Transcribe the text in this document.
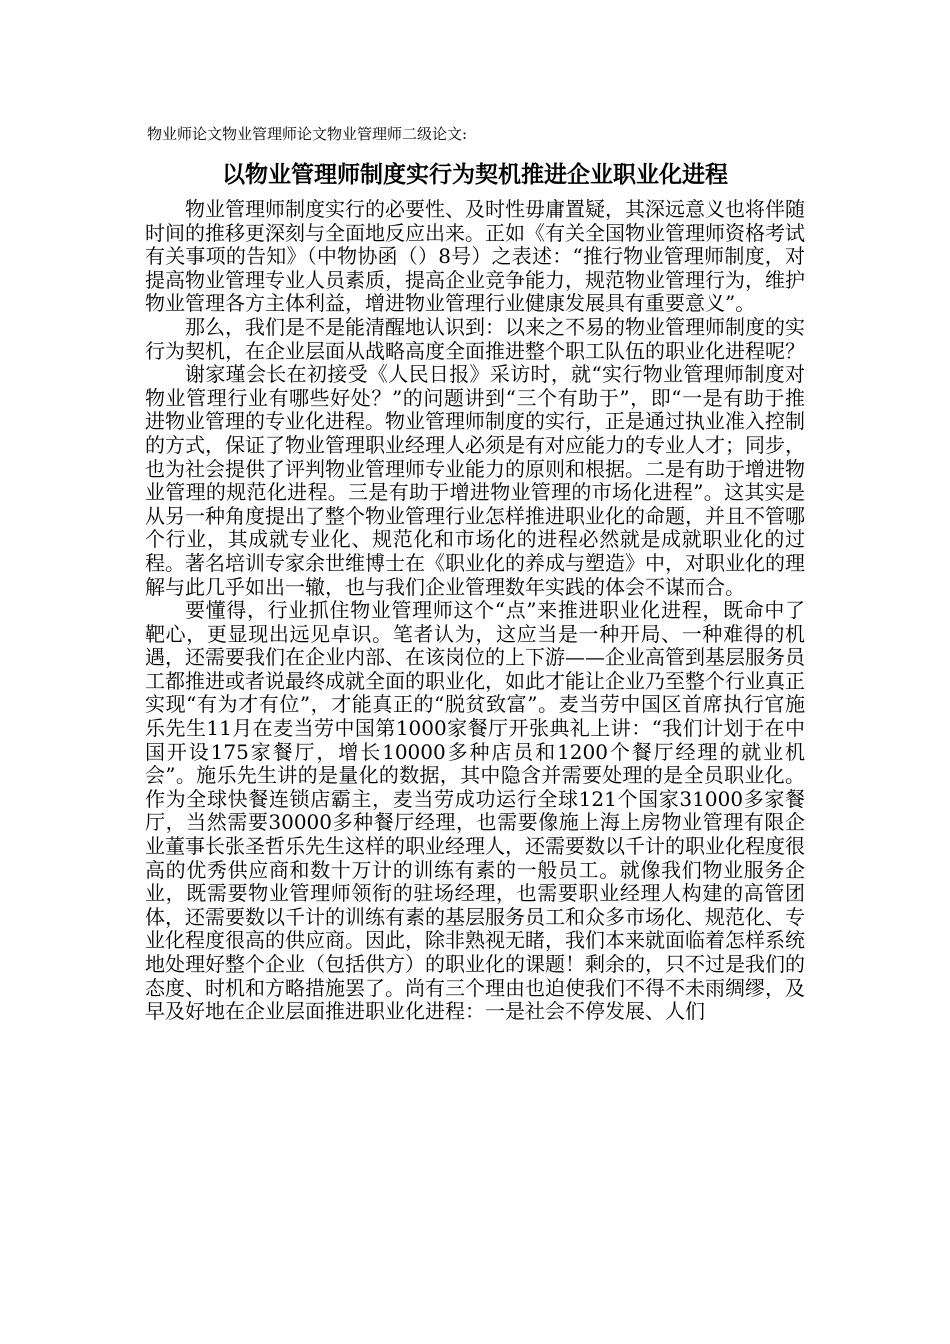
物业师论文物业管理师论文物业管理师二级论文:
以物业管理师制度实行为契机推进企业职业化进程

物业管理师制度实行的必要性、及时性毋庸置疑，其深远意义也将伴随时间的推移更深刻与全面地反应出来。正如《有关全国物业管理师资格考试有关事项的告知》（中物协函（）8号）之表述：“推行物业管理师制度，对提高物业管理专业人员素质，提高企业竞争能力，规范物业管理行为，维护物业管理各方主体利益，增进物业管理行业健康发展具有重要意义”。

那么，我们是不是能清醒地认识到：以来之不易的物业管理师制度的实行为契机，在企业层面从战略高度全面推进整个职工队伍的职业化进程呢？

谢家瑾会长在初接受《人民日报》采访时，就“实行物业管理师制度对物业管理行业有哪些好处？”的问题讲到“三个有助于”，即“一是有助于推进物业管理的专业化进程。物业管理师制度的实行，正是通过执业准入控制的方式，保证了物业管理职业经理人必须是有对应能力的专业人才；同步，也为社会提供了评判物业管理师专业能力的原则和根据。二是有助于增进物业管理的规范化进程。三是有助于增进物业管理的市场化进程”。这其实是从另一种角度提出了整个物业管理行业怎样推进职业化的命题，并且不管哪个行业，其成就专业化、规范化和市场化的进程必然就是成就职业化的过程。著名培训专家余世维博士在《职业化的养成与塑造》中，对职业化的理解与此几乎如出一辙，也与我们企业管理数年实践的体会不谋而合。

要懂得，行业抓住物业管理师这个“点”来推进职业化进程，既命中了靶心，更显现出远见卓识。笔者认为，这应当是一种开局、一种难得的机遇，还需要我们在企业内部、在该岗位的上下游——企业高管到基层服务员工都推进或者说最终成就全面的职业化，如此才能让企业乃至整个行业真正实现“有为才有位”，才能真正的“脱贫致富”。麦当劳中国区首席执行官施乐先生11月在麦当劳中国第1000家餐厅开张典礼上讲：“我们计划于在中国开设175家餐厅，增长10000多种店员和1200个餐厅经理的就业机会”。施乐先生讲的是量化的数据，其中隐含并需要处理的是全员职业化。作为全球快餐连锁店霸主，麦当劳成功运行全球121个国家31000多家餐厅，当然需要30000多种餐厅经理，也需要像施上海上房物业管理有限企业董事长张圣哲乐先生这样的职业经理人，还需要数以千计的职业化程度很高的优秀供应商和数十万计的训练有素的一般员工。就像我们物业服务企业，既需要物业管理师领衔的驻场经理，也需要职业经理人构建的高管团体，还需要数以千计的训练有素的基层服务员工和众多市场化、规范化、专业化程度很高的供应商。因此，除非熟视无睹，我们本来就面临着怎样系统地处理好整个企业（包括供方）的职业化的课题！剩余的，只不过是我们的态度、时机和方略措施罢了。尚有三个理由也迫使我们不得不未雨绸缪，及早及好地在企业层面推进职业化进程：一是社会不停发展、人们
